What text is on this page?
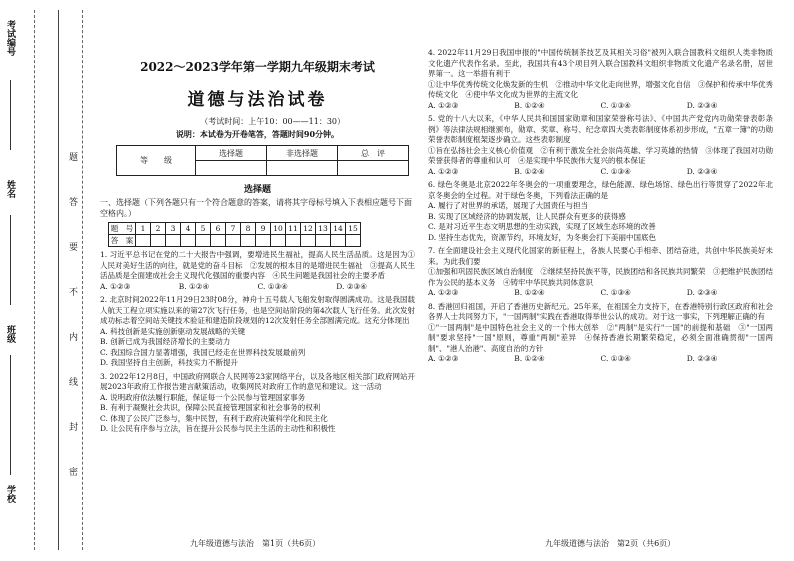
考试编号
姓名
班级
学校
题
答
要
不
内
线
封
密
2022～2023学年第一学期九年级期末考试
道德与法治试卷
（考试时间：上午10：00——11：30）
说明：本试卷为开卷笔答，答题时间90分钟。
等　　级	选择题	非选择题	总　评

选择题
一、选择题（下列各题只有一个符合题意的答案，请将其字母标号填入下表相应题号下面空格内。）
题　号	1	2	3	4	5	6	7	8	9	10	11	12	13	14	15
答　案															
1. 习近平总书记在党的二十大报告中强调，要增进民生福祉，提高人民生活品质。这是因为①人民对美好生活的向往，就是党的奋斗目标　②发展的根本目的是增进民生福祉　③提高人民生活品质是全面建成社会主义现代化强国的重要内容　④民生问题是我国社会的主要矛盾
A. ①②③	B. ①②④	C. ①③④	D. ②③④
2. 北京时间2022年11月29日23时08分，神舟十五号载人飞船发射取得圆满成功。这是我国载人航天工程立项实施以来的第27次飞行任务，也是空间站阶段的第4次载人飞行任务。此次发射成功标志着空间站关键技术验证和建造阶段规划的12次发射任务全部圆满完成。这充分体现出
A. 科技创新是实施创新驱动发展战略的关键
B. 创新已成为我国经济增长的主要动力
C. 我国综合国力显著增强，我国已经走在世界科技发展最前列
D. 我国坚持自主创新，科技实力不断提升
3. 2022年12月8日，中国政府网联合人民网等23家网络平台，以及各地区相关部门政府网站开展2023年政府工作报告建言献策活动，收集网民对政府工作的意见和建议。这一活动
A. 说明政府依法履行职能，保证每一个公民参与管理国家事务
B. 有利于凝聚社会共识，保障公民直接管理国家和社会事务的权利
C. 体现了公民广泛参与，集中民智，有利于政府决策科学化和民主化
D. 让公民有序参与立法，旨在提升公民参与民主生活的主动性和积极性
4. 2022年11月29日我国申报的"中国传统制茶技艺及其相关习俗"被列入联合国教科文组织人类非物质文化遗产代表作名录。至此，我国共有43个项目列入联合国教科文组织非物质文化遗产名录名册，居世界第一。这一举措有利于
①让中华优秀传统文化焕发新的生机　②推动中华文化走向世界，增强文化自信　③保护和传承中华优秀传统文化　④使中华文化成为世界的主流文化
A. ①②③	B. ①②④	C. ①③④	D. ②③④
5. 党的十八大以来，《中华人民共和国国家勋章和国家荣誉称号法》、《中国共产党党内功勋荣誉表彰条例》等法律法规相继颁布，勋章、奖章、称号、纪念章四大类表彰制度体系初步形成，"五章一簿"的功勋荣誉表彰制度框架逐步确立。这些表彰制度
①旨在弘扬社会主义核心价值观　②有利于激发全社会崇尚英雄、学习英雄的热情　③体现了我国对功勋荣誉获得者的尊重和认可　④是实现中华民族伟大复兴的根本保证
A. ①②③	B. ①②④	C. ①③④	D. ②③④
6. 绿色冬奥是北京2022年冬奥会的一项重要理念，绿色能源、绿色场馆、绿色出行等贯穿了2022年北京冬奥会的全过程。对于绿色冬奥，下列看法正确的是
A. 履行了对世界的承诺，展现了大国责任与担当
B. 实现了区域经济的协调发展，让人民群众有更多的获得感
C. 是对习近平生态文明思想的生动实践，实现了区域生态环境的改善
D. 坚持生态优先，资源节约，环境友好，为冬奥会打下美丽中国底色
7. 在全面建设社会主义现代化国家的新征程上，各族人民要心手相牵、团结奋进，共创中华民族美好未来。为此我们要
①加强和巩固民族区域自治制度　②继续坚持民族平等，民族团结和各民族共同繁荣　③把维护民族团结作为公民的基本义务　④铸牢中华民族共同体意识
A. ①②③	B. ①②④	C. ①③④	D. ②③④
8. 香港回归祖国，开启了香港历史新纪元。25年来，在祖国全力支持下，在香港特别行政区政府和社会各界人士共同努力下，"一国两制"实践在香港取得举世公认的成功。对于这一事实，下列理解正确的有
①"一国两制"是中国特色社会主义的一个伟大创举　②"两制"是实行"一国"的前提和基础　③"一国两制"要求坚持"一国"原则，尊重"两制"差异　④保持香港长期繁荣稳定，必须全面准确贯彻"一国两制"、"港人治港"、高度自治的方针
A. ①②③	B. ①②④	C. ①③④	D. ②③④
九年级道德与法治　第1页（共6页）	九年级道德与法治　第2页（共6页）
